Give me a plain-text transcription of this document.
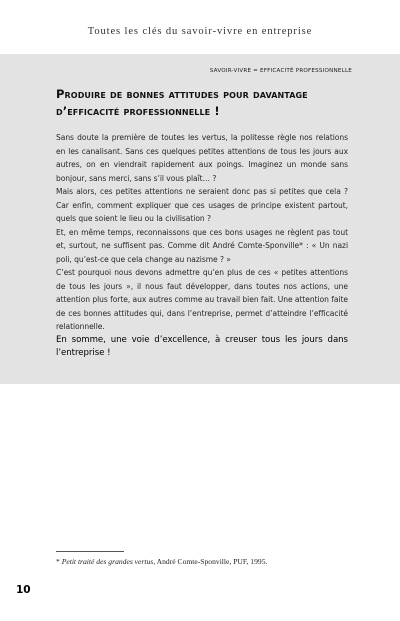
Toutes les clés du savoir-vivre en entreprise
SAVOIR-VIVRE = EFFICACITÉ PROFESSIONNELLE
Produire de bonnes attitudes pour davantage d’efficacité professionnelle !

Sans doute la première de toutes les vertus, la politesse règle nos relations en les canalisant. Sans ces quelques petites attentions de tous les jours aux autres, on en viendrait rapidement aux poings. Imaginez un monde sans bonjour, sans merci, sans s’il vous plaît… ?

Mais alors, ces petites attentions ne seraient donc pas si petites que cela ? Car enfin, comment expliquer que ces usages de principe existent partout, quels que soient le lieu ou la civilisation ?

Et, en même temps, reconnaissons que ces bons usages ne règlent pas tout et, surtout, ne suffisent pas. Comme dit André Comte-Sponville* : « Un nazi poli, qu’est-ce que cela change au nazisme ? »

C’est pourquoi nous devons admettre qu’en plus de ces « petites attentions de tous les jours », il nous faut développer, dans toutes nos actions, une attention plus forte, aux autres comme au travail bien fait. Une attention faite de ces bonnes attitudes qui, dans l’entreprise, permet d’atteindre l’efficacité relationnelle.

En somme, une voie d’excellence, à creuser tous les jours dans l’entreprise !

* Petit traité des grandes vertus, André Comte-Sponville, PUF, 1995.
10
